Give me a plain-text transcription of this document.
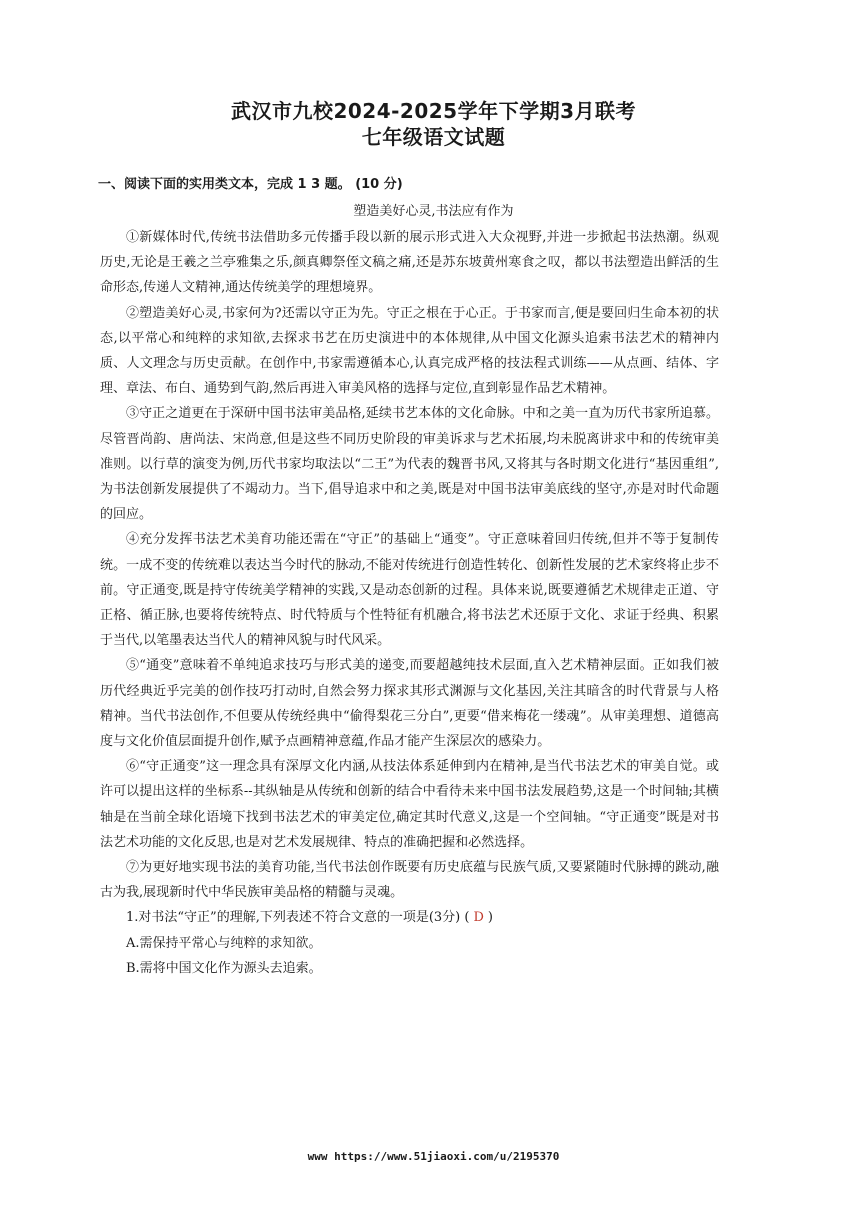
武汉市九校2024-2025学年下学期3月联考
七年级语文试题
一、阅读下面的实用类文本，完成 1 3 题。 (10 分)
塑造美好心灵,书法应有作为

①新媒体时代,传统书法借助多元传播手段以新的展示形式进入大众视野,并进一步掀起书法热潮。纵观历史,无论是王羲之兰亭雅集之乐,颜真卿祭侄文稿之痛,还是苏东坡黄州寒食之叹，都以书法塑造出鲜活的生命形态,传递人文精神,通达传统美学的理想境界。

②塑造美好心灵,书家何为?还需以守正为先。守正之根在于心正。于书家而言,便是要回归生命本初的状态,以平常心和纯粹的求知欲,去探求书艺在历史演进中的本体规律,从中国文化源头追索书法艺术的精神内质、人文理念与历史贡献。在创作中,书家需遵循本心,认真完成严格的技法程式训练——从点画、结体、字理、章法、布白、通势到气韵,然后再进入审美风格的选择与定位,直到彰显作品艺术精神。

③守正之道更在于深研中国书法审美品格,延续书艺本体的文化命脉。中和之美一直为历代书家所追慕。尽管晋尚韵、唐尚法、宋尚意,但是这些不同历史阶段的审美诉求与艺术拓展,均未脱离讲求中和的传统审美准则。以行草的演变为例,历代书家均取法以“二王”为代表的魏晋书风,又将其与各时期文化进行“基因重组”,为书法创新发展提供了不竭动力。当下,倡导追求中和之美,既是对中国书法审美底线的坚守,亦是对时代命题的回应。

④充分发挥书法艺术美育功能还需在“守正”的基础上“通变”。守正意味着回归传统,但并不等于复制传统。一成不变的传统难以表达当今时代的脉动,不能对传统进行创造性转化、创新性发展的艺术家终将止步不前。守正通变,既是持守传统美学精神的实践,又是动态创新的过程。具体来说,既要遵循艺术规律走正道、守正格、循正脉,也要将传统特点、时代特质与个性特征有机融合,将书法艺术还原于文化、求证于经典、积累于当代,以笔墨表达当代人的精神风貌与时代风采。

⑤“通变”意味着不单纯追求技巧与形式美的递变,而要超越纯技术层面,直入艺术精神层面。正如我们被历代经典近乎完美的创作技巧打动时,自然会努力探求其形式渊源与文化基因,关注其暗含的时代背景与人格精神。当代书法创作,不但要从传统经典中“偷得梨花三分白”,更要“借来梅花一缕魂”。从审美理想、道德高度与文化价值层面提升创作,赋予点画精神意蕴,作品才能产生深层次的感染力。

⑥“守正通变”这一理念具有深厚文化内涵,从技法体系延伸到内在精神,是当代书法艺术的审美自觉。或许可以提出这样的坐标系--其纵轴是从传统和创新的结合中看待未来中国书法发展趋势,这是一个时间轴;其横轴是在当前全球化语境下找到书法艺术的审美定位,确定其时代意义,这是一个空间轴。“守正通变”既是对书法艺术功能的文化反思,也是对艺术发展规律、特点的准确把握和必然选择。

⑦为更好地实现书法的美育功能,当代书法创作既要有历史底蕴与民族气质,又要紧随时代脉搏的跳动,融古为我,展现新时代中华民族审美品格的精髓与灵魂。

1.对书法“守正”的理解,下列表述不符合文意的一项是(3分) ( D )
A.需保持平常心与纯粹的求知欲。
B.需将中国文化作为源头去追索。
www https://www.51jiaoxi.com/u/2195370
